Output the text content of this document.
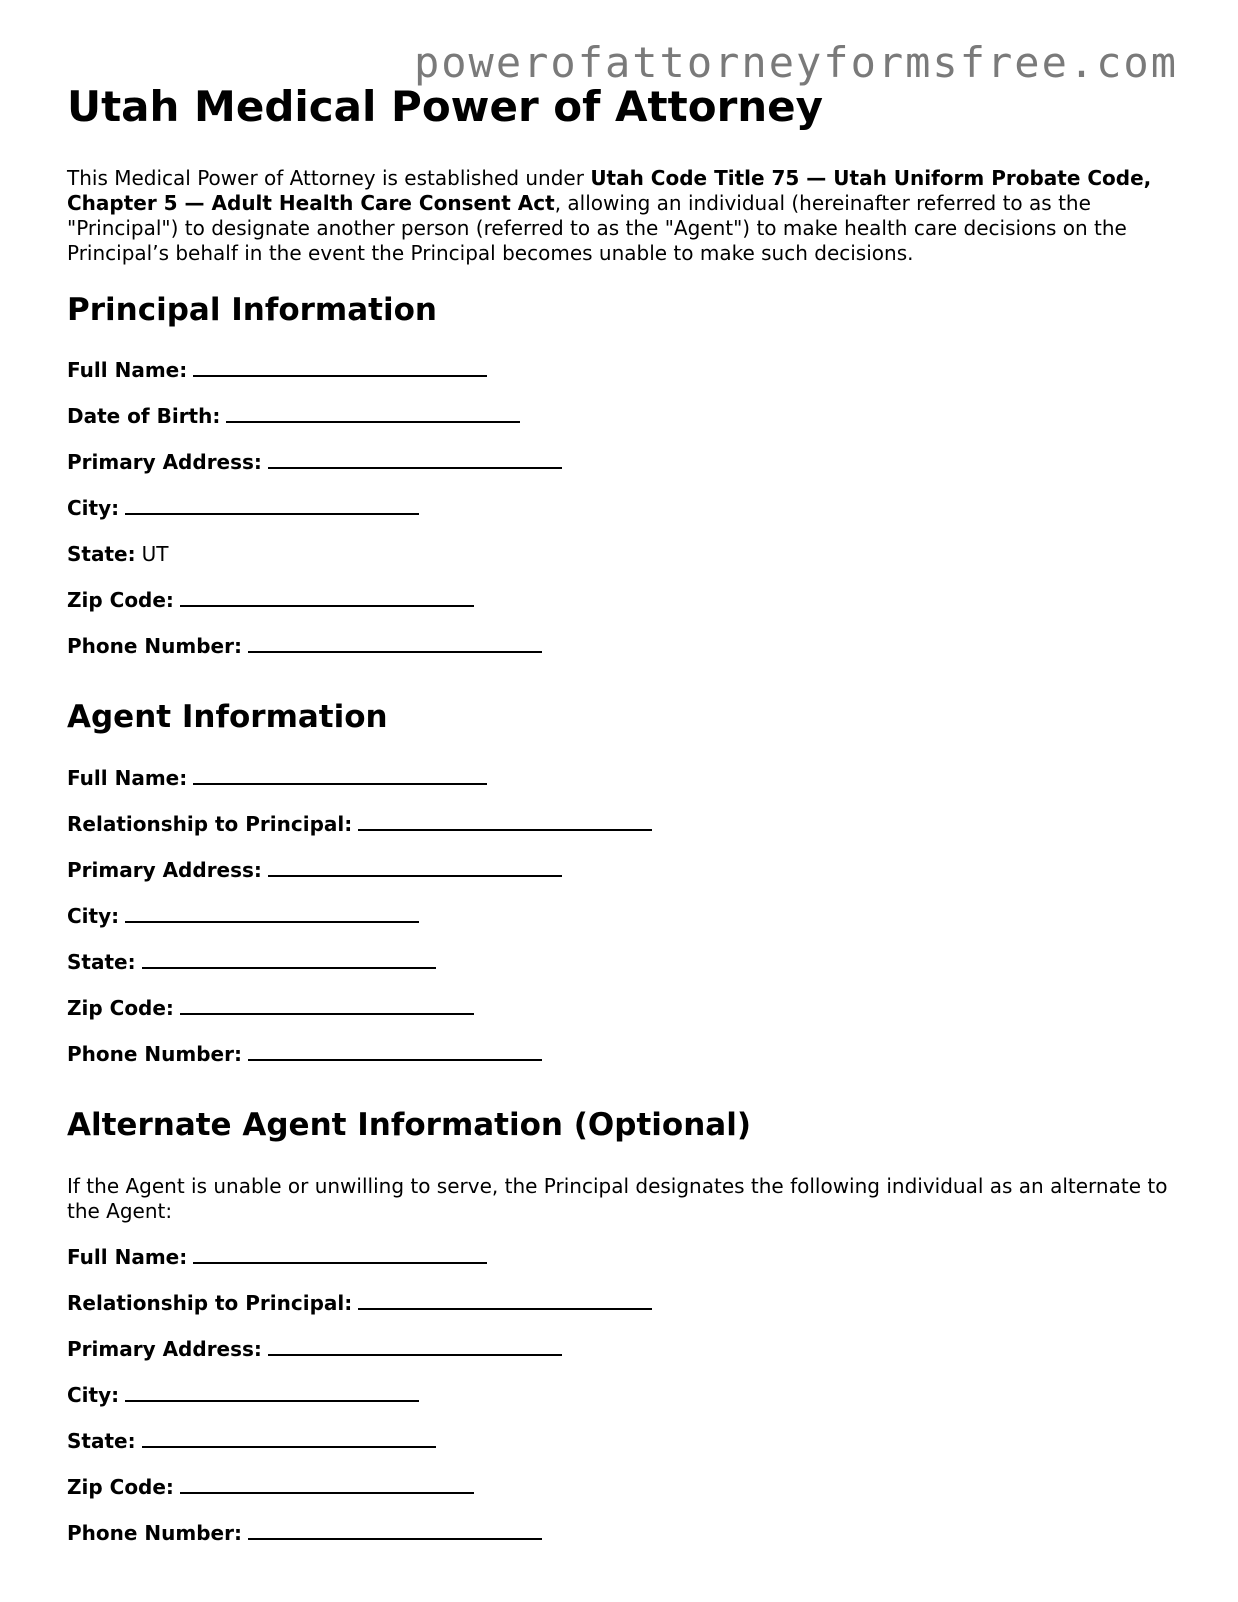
powerofattorneyformsfree.com
Utah Medical Power of Attorney

This Medical Power of Attorney is established under Utah Code Title 75 — Utah Uniform Probate Code, Chapter 5 — Adult Health Care Consent Act, allowing an individual (hereinafter referred to as the "Principal") to designate another person (referred to as the "Agent") to make health care decisions on the Principal’s behalf in the event the Principal becomes unable to make such decisions.

Principal Information
Full Name:
Date of Birth:
Primary Address:
City:
State: UT
Zip Code:
Phone Number:
Agent Information
Full Name:
Relationship to Principal:
Primary Address:
City:
State:
Zip Code:
Phone Number:
Alternate Agent Information (Optional)

If the Agent is unable or unwilling to serve, the Principal designates the following individual as an alternate to the Agent:

Full Name:
Relationship to Principal:
Primary Address:
City:
State:
Zip Code:
Phone Number:
